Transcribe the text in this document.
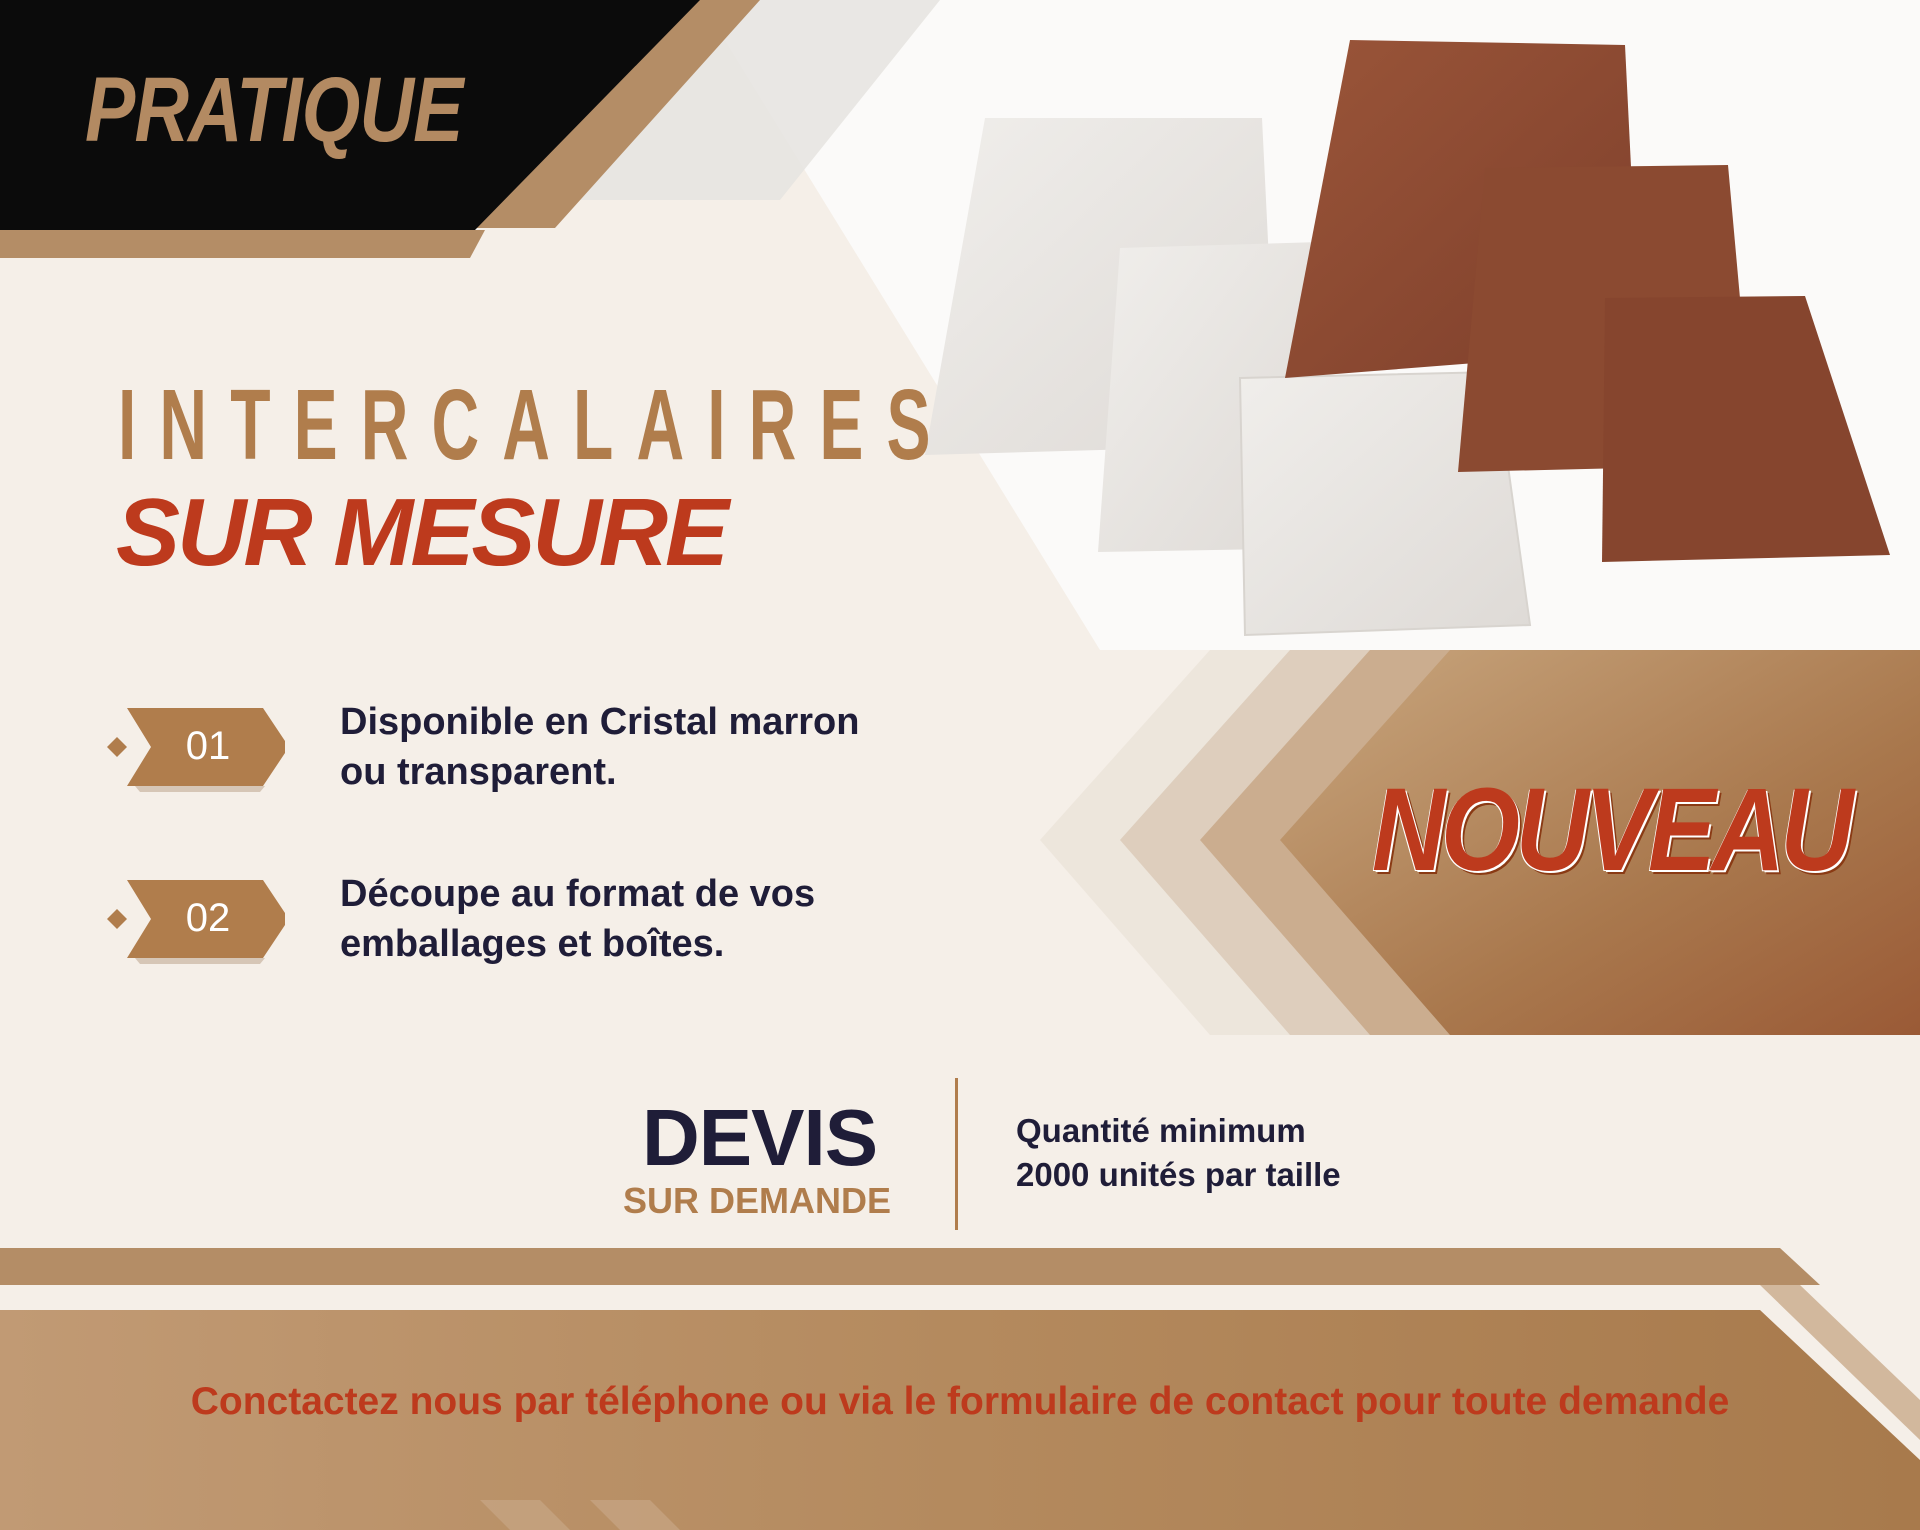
PRATIQUE
INTERCALAIRES
SUR MESURE
01
Disponible en Cristal marron
ou transparent.
02
Découpe au format de vos
emballages et boîtes.
NOUVEAU
DEVIS
SUR DEMANDE
Quantité minimum
2000 unités par taille
Conctactez nous par téléphone ou via le formulaire de contact pour toute demande
